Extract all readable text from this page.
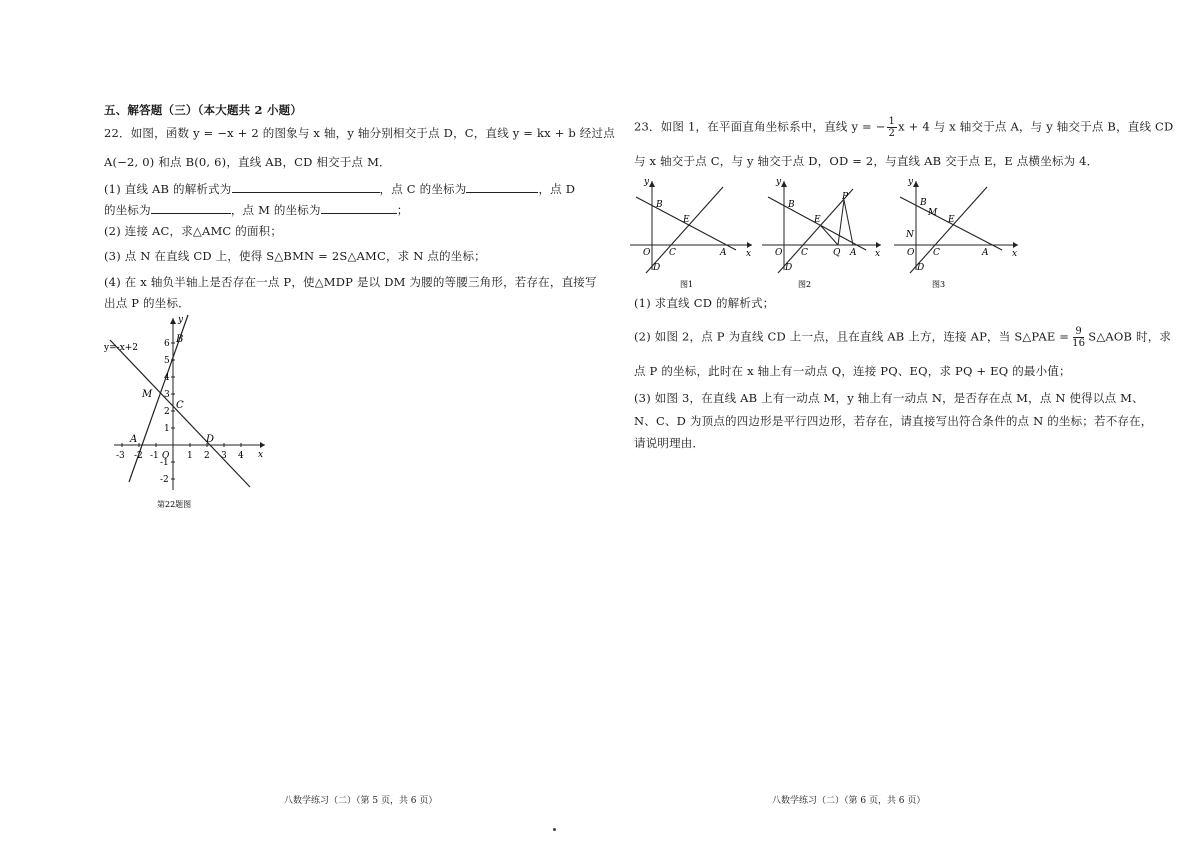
五、解答题（三）（本大题共 2 小题）
22．如图，函数 y = −x + 2 的图象与 x 轴，y 轴分别相交于点 D，C，直线 y = kx + b 经过点
A(−2, 0) 和点 B(0, 6)，直线 AB，CD 相交于点 M．
(1) 直线 AB 的解析式为	，点 C 的坐标为	，点 D
的坐标为	，点 M 的坐标为	；
(2) 连接 AC，求△AMC 的面积；
(3) 点 N 在直线 CD 上，使得 S△BMN = 2S△AMC，求 N 点的坐标；
(4) 在 x 轴负半轴上是否存在一点 P，使△MDP 是以 DM 为腰的等腰三角形，若存在，直接写
出点 P 的坐标．
y=-x+2
x
y
-3 -2 -1 O 1 2 3 4
6
5
4
3
2
1
-1
-2
A
B
C
D
M
第22题图
八数学练习（二）（第 5 页，共 6 页）
23．如图 1，在平面直角坐标系中，直线 y = − $\frac{1}{2}$ x + 4 与 x 轴交于点 A，与 y 轴交于点 B，直线 CD
与 x 轴交于点 C，与 y 轴交于点 D，OD = 2，与直线 AB 交于点 E，E 点横坐标为 4．
y
B
E
O C	A
D
x
图1
y
B
P
E
O C	Q A
D
x
图2
y
B
M
E
N
O C	A
D
x
图3
(1) 求直线 CD 的解析式；
(2) 如图 2，点 P 为直线 CD 上一点，且在直线 AB 上方，连接 AP，当 S△PAE = $\frac{9}{16}$ S△AOB 时，求
点 P 的坐标，此时在 x 轴上有一动点 Q，连接 PQ、EQ，求 PQ + EQ 的最小值；
(3) 如图 3，在直线 AB 上有一动点 M，y 轴上有一动点 N，是否存在点 M，点 N 使得以点 M、
N、C、D 为顶点的四边形是平行四边形，若存在，请直接写出符合条件的点 N 的坐标；若不存在，
请说明理由．
八数学练习（二）（第 6 页，共 6 页）
